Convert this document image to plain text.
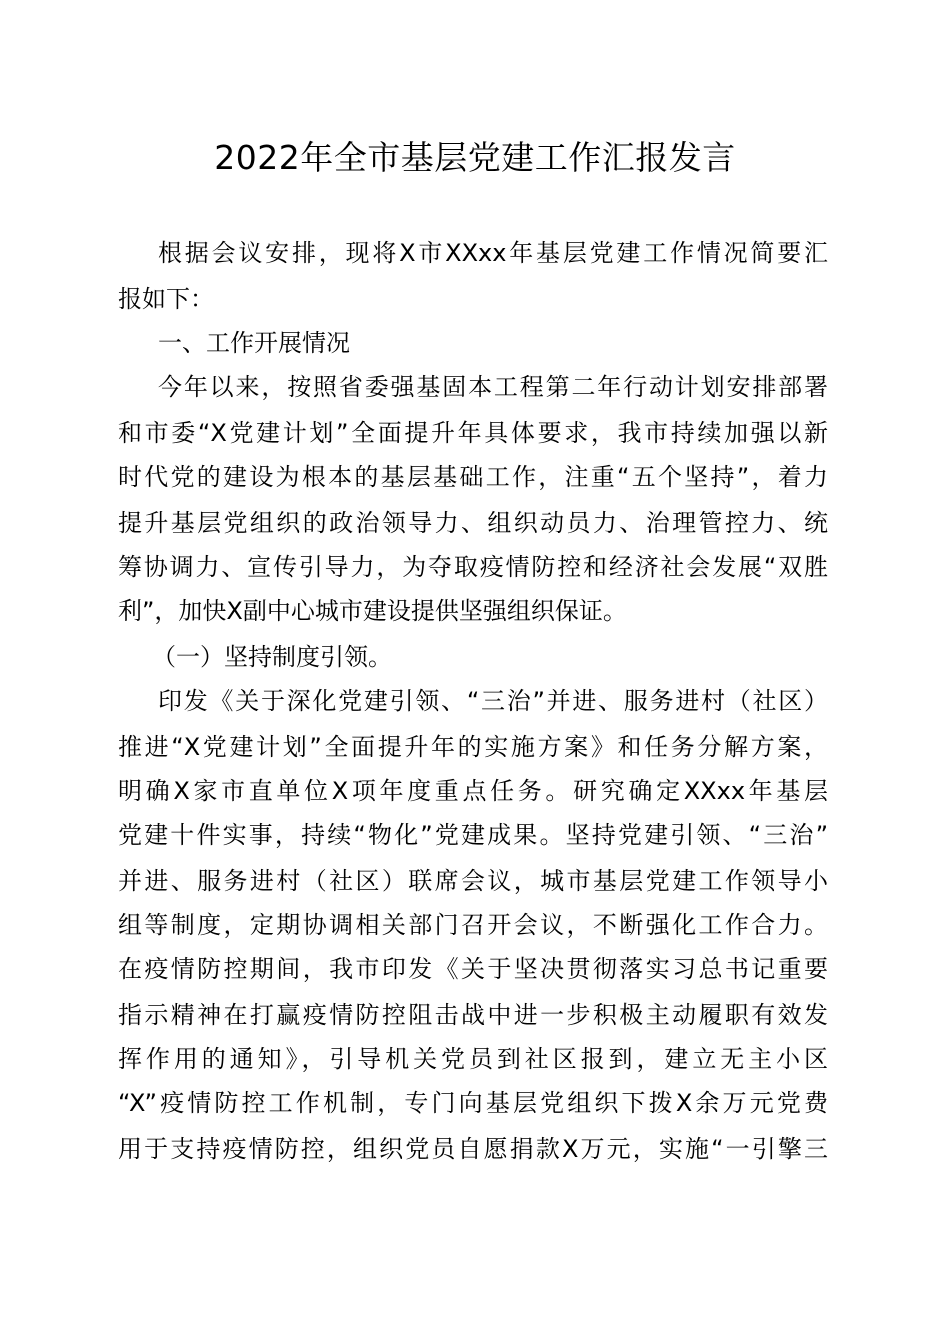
2022年全市基层党建工作汇报发言
根据会议安排，现将X市XXxx年基层党建工作情况简要汇
报如下：
一、工作开展情况
今年以来，按照省委强基固本工程第二年行动计划安排部署
和市委“X党建计划”全面提升年具体要求，我市持续加强以新
时代党的建设为根本的基层基础工作，注重“五个坚持”，着力
提升基层党组织的政治领导力、组织动员力、治理管控力、统
筹协调力、宣传引导力，为夺取疫情防控和经济社会发展“双胜
利”，加快X副中心城市建设提供坚强组织保证。
（一）坚持制度引领。
印发《关于深化党建引领、“三治”并进、服务进村（社区）
推进“X党建计划”全面提升年的实施方案》和任务分解方案，
明确X家市直单位X项年度重点任务。研究确定XXxx年基层
党建十件实事，持续“物化”党建成果。坚持党建引领、“三治”
并进、服务进村（社区）联席会议，城市基层党建工作领导小
组等制度，定期协调相关部门召开会议，不断强化工作合力。
在疫情防控期间，我市印发《关于坚决贯彻落实习总书记重要
指示精神在打赢疫情防控阻击战中进一步积极主动履职有效发
挥作用的通知》，引导机关党员到社区报到，建立无主小区
“X”疫情防控工作机制，专门向基层党组织下拨X余万元党费
用于支持疫情防控，组织党员自愿捐款X万元，实施“一引擎三
